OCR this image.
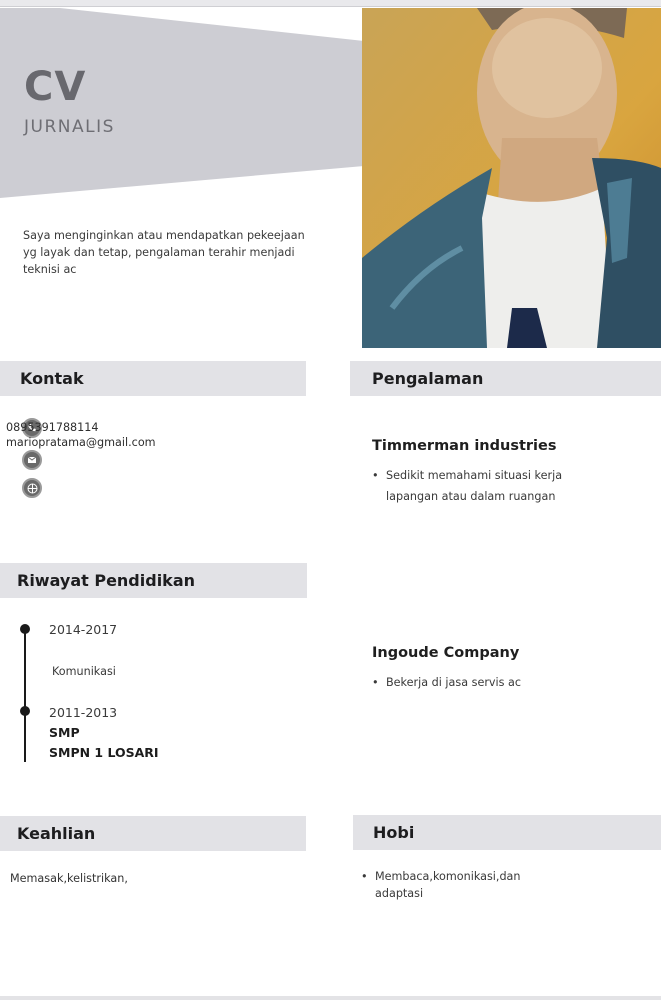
CV
JURNALIS

Saya menginginkan atau mendapatkan pekeejaan yg layak dan tetap, pengalaman terahir menjadi teknisi ac

Kontak
0895391788114
mariopratama@gmail.com
Pengalaman
Timmerman industries
• Sedikit memahami situasi kerja lapangan atau dalam ruangan
Ingoude Company
• Bekerja di jasa servis ac
Riwayat Pendidikan
2014-2017
Komunikasi
2011-2013
SMP
SMPN 1 LOSARI
Keahlian
Memasak,kelistrikan,
Hobi
• Membaca,komonikasi,dan adaptasi
